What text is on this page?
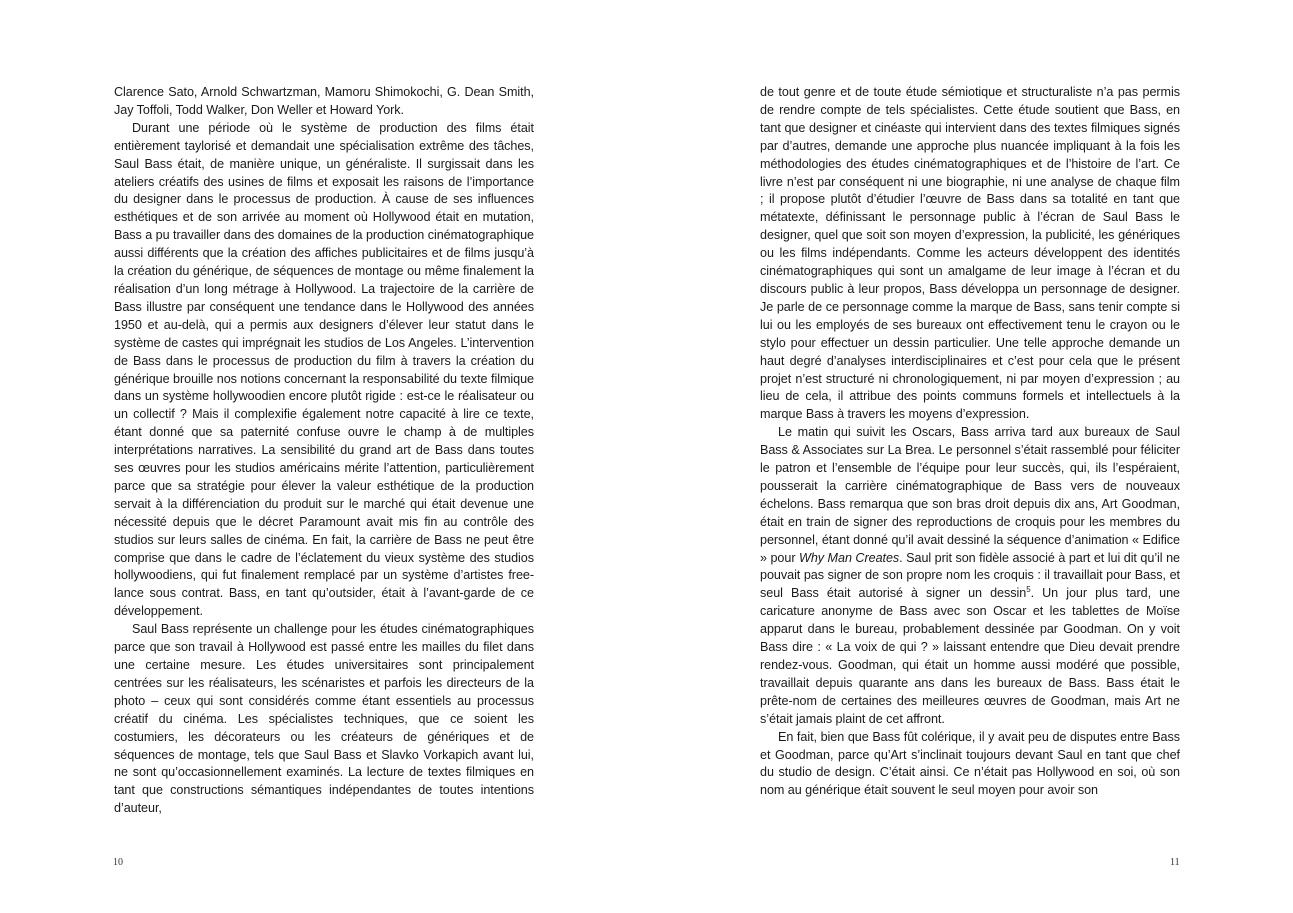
Clarence Sato, Arnold Schwartzman, Mamoru Shimokochi, G. Dean Smith, Jay Toffoli, Todd Walker, Don Weller et Howard York.

Durant une période où le système de production des films était entièrement taylorisé et demandait une spécialisation extrême des tâches, Saul Bass était, de manière unique, un généraliste. Il surgissait dans les ateliers créatifs des usines de films et exposait les raisons de l’importance du designer dans le processus de production. À cause de ses influences esthétiques et de son arrivée au moment où Hollywood était en mutation, Bass a pu travailler dans des domaines de la production cinématographique aussi différents que la création des affiches publicitaires et de films jusqu’à la création du générique, de séquences de montage ou même finalement la réalisation d’un long métrage à Hollywood. La trajectoire de la carrière de Bass illustre par conséquent une tendance dans le Hollywood des années 1950 et au-delà, qui a permis aux designers d’élever leur statut dans le système de castes qui imprégnait les studios de Los Angeles. L’intervention de Bass dans le processus de production du film à travers la création du générique brouille nos notions concernant la responsabilité du texte filmique dans un système hollywoodien encore plutôt rigide : est-ce le réalisateur ou un collectif ? Mais il complexifie également notre capacité à lire ce texte, étant donné que sa paternité confuse ouvre le champ à de multiples interprétations narratives. La sensibilité du grand art de Bass dans toutes ses œuvres pour les studios américains mérite l’attention, particulièrement parce que sa stratégie pour élever la valeur esthétique de la production servait à la différenciation du produit sur le marché qui était devenue une nécessité depuis que le décret Paramount avait mis fin au contrôle des studios sur leurs salles de cinéma. En fait, la carrière de Bass ne peut être comprise que dans le cadre de l’éclatement du vieux système des studios hollywoodiens, qui fut finalement remplacé par un système d’artistes free-lance sous contrat. Bass, en tant qu’outsider, était à l’avant-garde de ce développement.

Saul Bass représente un challenge pour les études cinématographiques parce que son travail à Hollywood est passé entre les mailles du filet dans une certaine mesure. Les études universitaires sont principalement centrées sur les réalisateurs, les scénaristes et parfois les directeurs de la photo – ceux qui sont considérés comme étant essentiels au processus créatif du cinéma. Les spécialistes techniques, que ce soient les costumiers, les décorateurs ou les créateurs de génériques et de séquences de montage, tels que Saul Bass et Slavko Vorkapich avant lui, ne sont qu’occasionnellement examinés. La lecture de textes filmiques en tant que constructions sémantiques indépendantes de toutes intentions d’auteur,

de tout genre et de toute étude sémiotique et structuraliste n’a pas permis de rendre compte de tels spécialistes. Cette étude soutient que Bass, en tant que designer et cinéaste qui intervient dans des textes filmiques signés par d’autres, demande une approche plus nuancée impliquant à la fois les méthodologies des études cinématographiques et de l’histoire de l’art. Ce livre n’est par conséquent ni une biographie, ni une analyse de chaque film ; il propose plutôt d’étudier l’œuvre de Bass dans sa totalité en tant que métatexte, définissant le personnage public à l’écran de Saul Bass le designer, quel que soit son moyen d’expression, la publicité, les génériques ou les films indépendants. Comme les acteurs développent des identités cinématographiques qui sont un amalgame de leur image à l’écran et du discours public à leur propos, Bass développa un personnage de designer. Je parle de ce personnage comme la marque de Bass, sans tenir compte si lui ou les employés de ses bureaux ont effectivement tenu le crayon ou le stylo pour effectuer un dessin particulier. Une telle approche demande un haut degré d’analyses interdisciplinaires et c’est pour cela que le présent projet n’est structuré ni chronologiquement, ni par moyen d’expression ; au lieu de cela, il attribue des points communs formels et intellectuels à la marque Bass à travers les moyens d’expression.

Le matin qui suivit les Oscars, Bass arriva tard aux bureaux de Saul Bass & Associates sur La Brea. Le personnel s’était rassemblé pour féliciter le patron et l’ensemble de l’équipe pour leur succès, qui, ils l’espéraient, pousserait la carrière cinématographique de Bass vers de nouveaux échelons. Bass remarqua que son bras droit depuis dix ans, Art Goodman, était en train de signer des reproductions de croquis pour les membres du personnel, étant donné qu’il avait dessiné la séquence d’animation « Edifice » pour Why Man Creates. Saul prit son fidèle associé à part et lui dit qu’il ne pouvait pas signer de son propre nom les croquis : il travaillait pour Bass, et seul Bass était autorisé à signer un dessin$^5$. Un jour plus tard, une caricature anonyme de Bass avec son Oscar et les tablettes de Moïse apparut dans le bureau, probablement dessinée par Goodman. On y voit Bass dire : « La voix de qui ? » laissant entendre que Dieu devait prendre rendez-vous. Goodman, qui était un homme aussi modéré que possible, travaillait depuis quarante ans dans les bureaux de Bass. Bass était le prête-nom de certaines des meilleures œuvres de Goodman, mais Art ne s’était jamais plaint de cet affront.

En fait, bien que Bass fût colérique, il y avait peu de disputes entre Bass et Goodman, parce qu’Art s’inclinait toujours devant Saul en tant que chef du studio de design. C’était ainsi. Ce n’était pas Hollywood en soi, où son nom au générique était souvent le seul moyen pour avoir son

10	11
